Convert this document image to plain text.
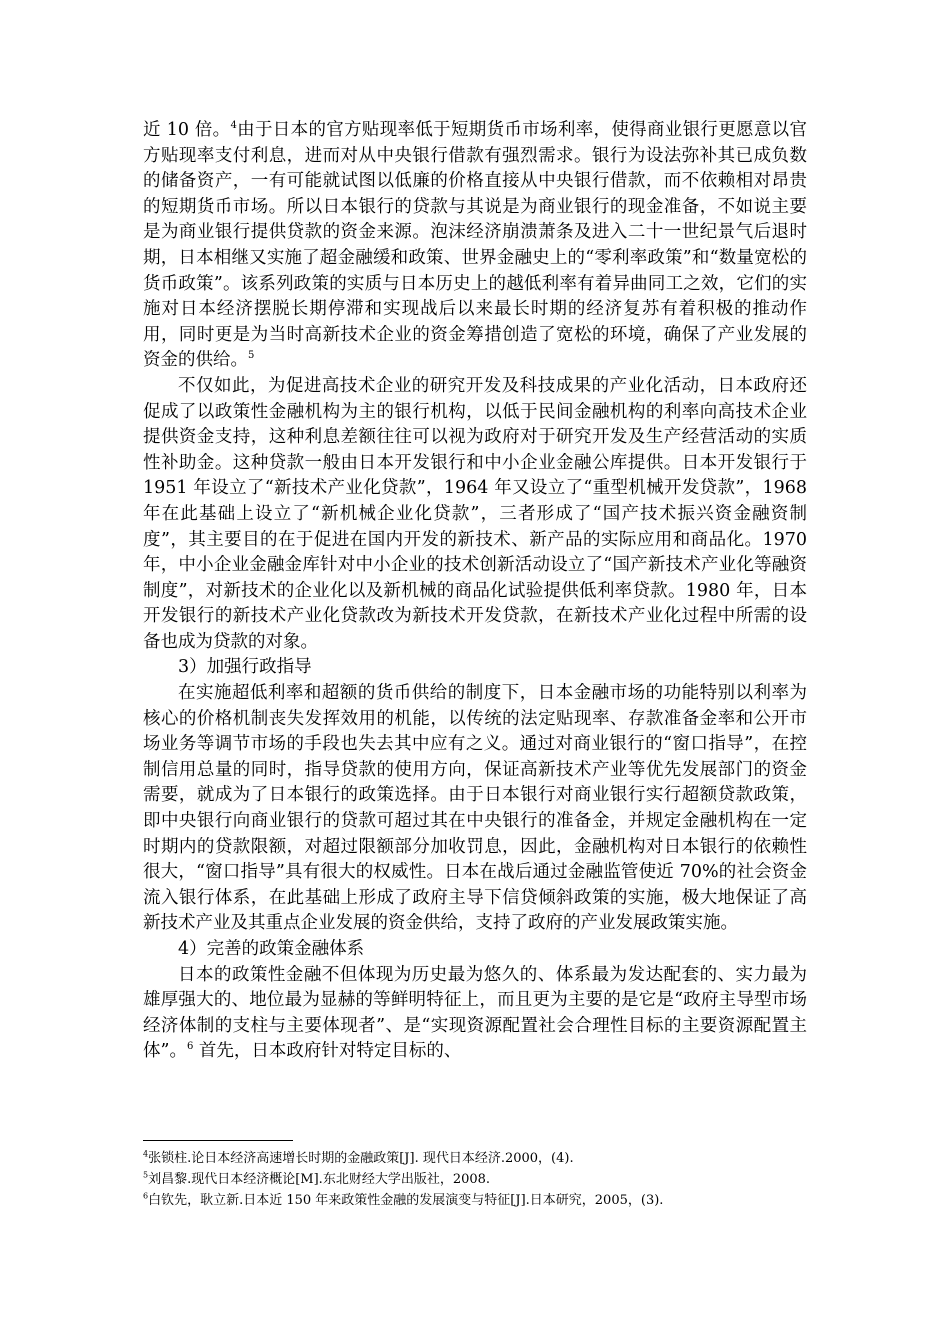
近 10 倍。$^4$由于日本的官方贴现率低于短期货币市场利率，使得商业银行更愿意以官方贴现率支付利息，进而对从中央银行借款有强烈需求。银行为设法弥补其已成负数的储备资产，一有可能就试图以低廉的价格直接从中央银行借款，而不依赖相对昂贵的短期货币市场。所以日本银行的贷款与其说是为商业银行的现金准备，不如说主要是为商业银行提供贷款的资金来源。泡沫经济崩溃萧条及进入二十一世纪景气后退时期，日本相继又实施了超金融缓和政策、世界金融史上的“零利率政策”和“数量宽松的货币政策”。该系列政策的实质与日本历史上的越低利率有着异曲同工之效，它们的实施对日本经济摆脱长期停滞和实现战后以来最长时期的经济复苏有着积极的推动作用，同时更是为当时高新技术企业的资金筹措创造了宽松的环境，确保了产业发展的资金的供给。$^5$

不仅如此，为促进高技术企业的研究开发及科技成果的产业化活动，日本政府还促成了以政策性金融机构为主的银行机构，以低于民间金融机构的利率向高技术企业提供资金支持，这种利息差额往往可以视为政府对于研究开发及生产经营活动的实质性补助金。这种贷款一般由日本开发银行和中小企业金融公库提供。日本开发银行于 1951 年设立了“新技术产业化贷款”，1964 年又设立了“重型机械开发贷款”，1968 年在此基础上设立了“新机械企业化贷款”，三者形成了“国产技术振兴资金融资制度”，其主要目的在于促进在国内开发的新技术、新产品的实际应用和商品化。1970 年，中小企业金融金库针对中小企业的技术创新活动设立了“国产新技术产业化等融资制度”，对新技术的企业化以及新机械的商品化试验提供低利率贷款。1980 年，日本开发银行的新技术产业化贷款改为新技术开发贷款，在新技术产业化过程中所需的设备也成为贷款的对象。

3）加强行政指导

在实施超低利率和超额的货币供给的制度下，日本金融市场的功能特别以利率为核心的价格机制丧失发挥效用的机能，以传统的法定贴现率、存款准备金率和公开市场业务等调节市场的手段也失去其中应有之义。通过对商业银行的“窗口指导”，在控制信用总量的同时，指导贷款的使用方向，保证高新技术产业等优先发展部门的资金需要，就成为了日本银行的政策选择。由于日本银行对商业银行实行超额贷款政策，即中央银行向商业银行的贷款可超过其在中央银行的准备金，并规定金融机构在一定时期内的贷款限额，对超过限额部分加收罚息，因此，金融机构对日本银行的依赖性很大，“窗口指导”具有很大的权威性。日本在战后通过金融监管使近 70%的社会资金流入银行体系，在此基础上形成了政府主导下信贷倾斜政策的实施，极大地保证了高新技术产业及其重点企业发展的资金供给，支持了政府的产业发展政策实施。

4）完善的政策金融体系

日本的政策性金融不但体现为历史最为悠久的、体系最为发达配套的、实力最为雄厚强大的、地位最为显赫的等鲜明特征上，而且更为主要的是它是“政府主导型市场经济体制的支柱与主要体现者”、是“实现资源配置社会合理性目标的主要资源配置主体”。$^6$ 首先，日本政府针对特定目标的、

$^4$张锁柱.论日本经济高速增长时期的金融政策[J]. 现代日本经济.2000，(4).

$^5$刘昌黎.现代日本经济概论[M].东北财经大学出版社，2008.

$^6$白钦先，耿立新.日本近 150 年来政策性金融的发展演变与特征[J].日本研究，2005，(3).
